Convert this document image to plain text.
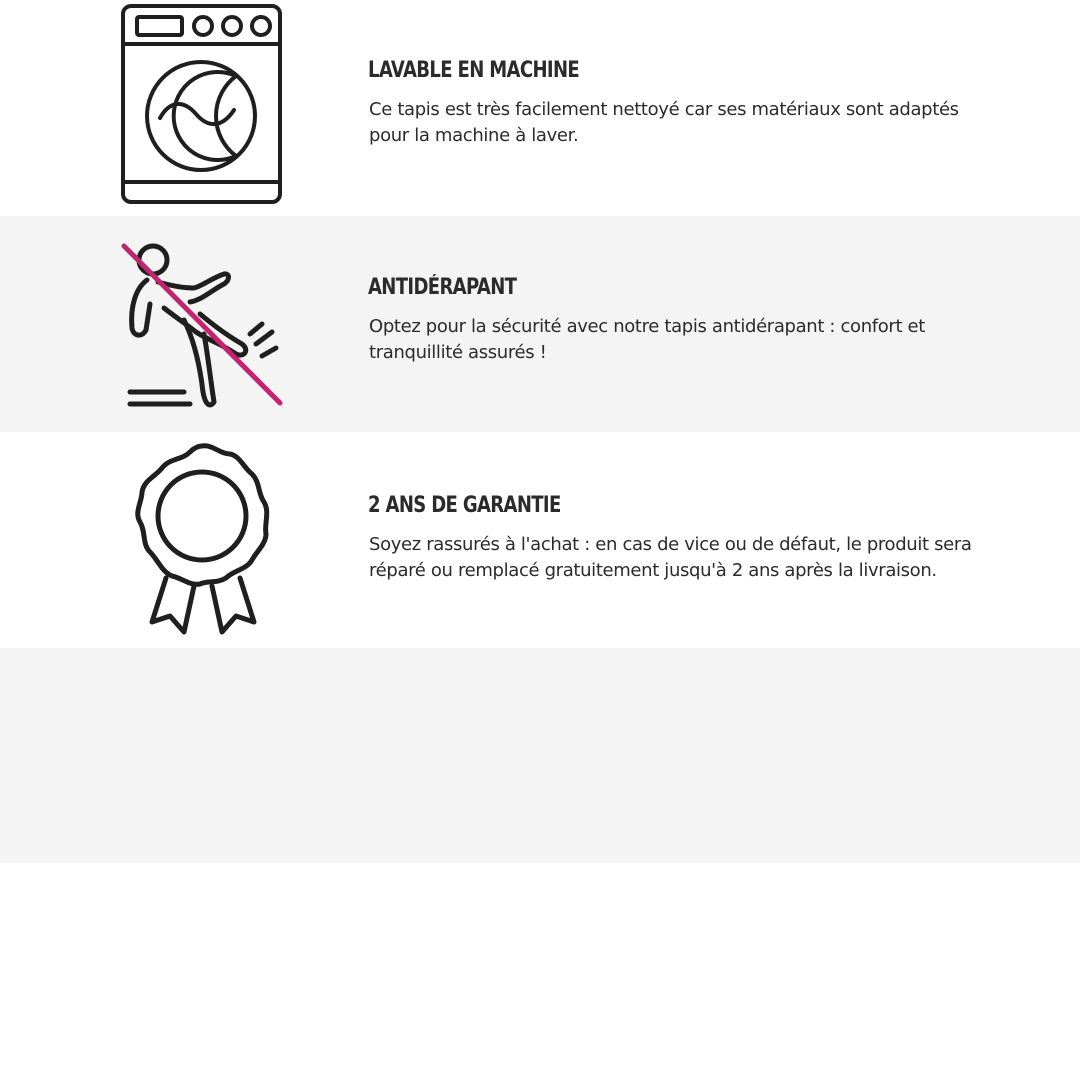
LAVABLE EN MACHINE

Ce tapis est très facilement nettoyé car ses matériaux sont adaptés pour la machine à laver.

ANTIDÉRAPANT

Optez pour la sécurité avec notre tapis antidérapant : confort et tranquillité assurés !

2 ANS DE GARANTIE

Soyez rassurés à l'achat : en cas de vice ou de défaut, le produit sera réparé ou remplacé gratuitement jusqu'à 2 ans après la livraison.
